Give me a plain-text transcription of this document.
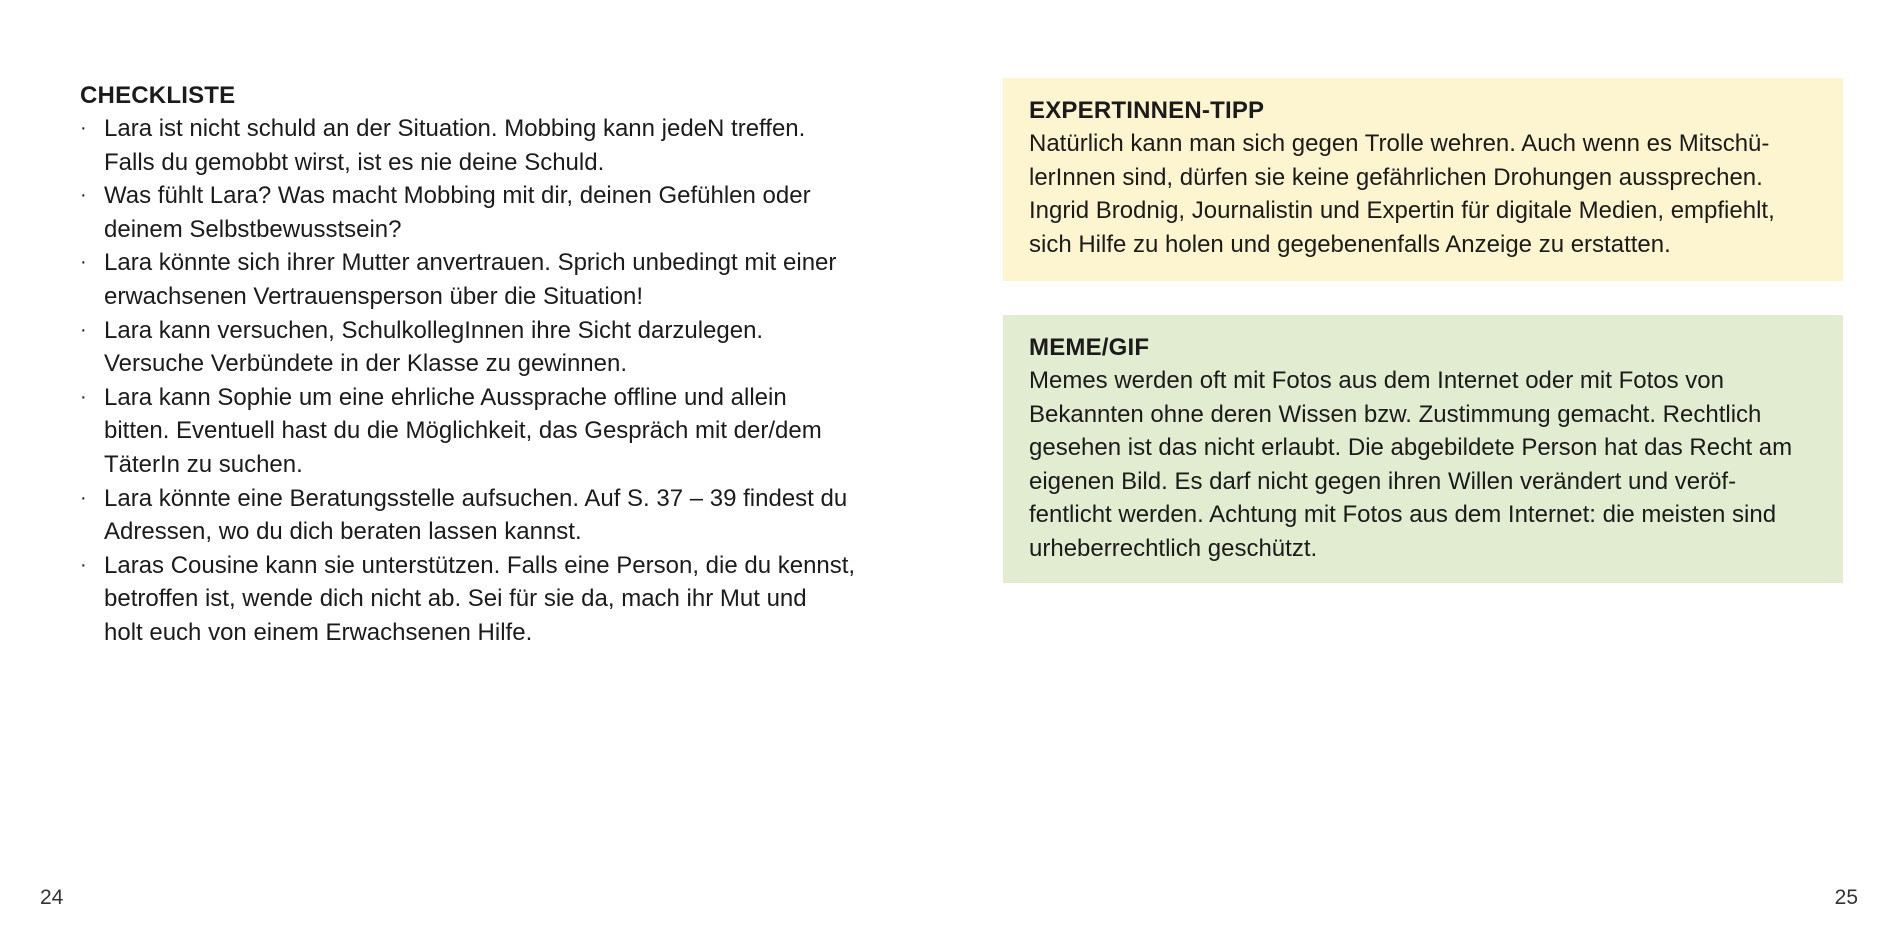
CHECKLISTE
· Lara ist nicht schuld an der Situation. Mobbing kann jedeN treffen.
Falls du gemobbt wirst, ist es nie deine Schuld.
· Was fühlt Lara? Was macht Mobbing mit dir, deinen Gefühlen oder
deinem Selbstbewusstsein?
· Lara könnte sich ihrer Mutter anvertrauen. Sprich unbedingt mit einer
erwachsenen Vertrauensperson über die Situation!
· Lara kann versuchen, SchulkollegInnen ihre Sicht darzulegen.
Versuche Verbündete in der Klasse zu gewinnen.
· Lara kann Sophie um eine ehrliche Aussprache offline und allein
bitten. Eventuell hast du die Möglichkeit, das Gespräch mit der/dem
TäterIn zu suchen.
· Lara könnte eine Beratungsstelle aufsuchen. Auf S. 37 – 39 findest du
Adressen, wo du dich beraten lassen kannst.
· Laras Cousine kann sie unterstützen. Falls eine Person, die du kennst,
betroffen ist, wende dich nicht ab. Sei für sie da, mach ihr Mut und
holt euch von einem Erwachsenen Hilfe.
EXPERTINNEN-TIPP

Natürlich kann man sich gegen Trolle wehren. Auch wenn es Mitschü-
lerInnen sind, dürfen sie keine gefährlichen Drohungen aussprechen.
Ingrid Brodnig, Journalistin und Expertin für digitale Medien, empfiehlt,
sich Hilfe zu holen und gegebenenfalls Anzeige zu erstatten.

MEME/GIF

Memes werden oft mit Fotos aus dem Internet oder mit Fotos von
Bekannten ohne deren Wissen bzw. Zustimmung gemacht. Rechtlich
gesehen ist das nicht erlaubt. Die abgebildete Person hat das Recht am
eigenen Bild. Es darf nicht gegen ihren Willen verändert und veröf-
fentlicht werden. Achtung mit Fotos aus dem Internet: die meisten sind
urheberrechtlich geschützt.

24	25
